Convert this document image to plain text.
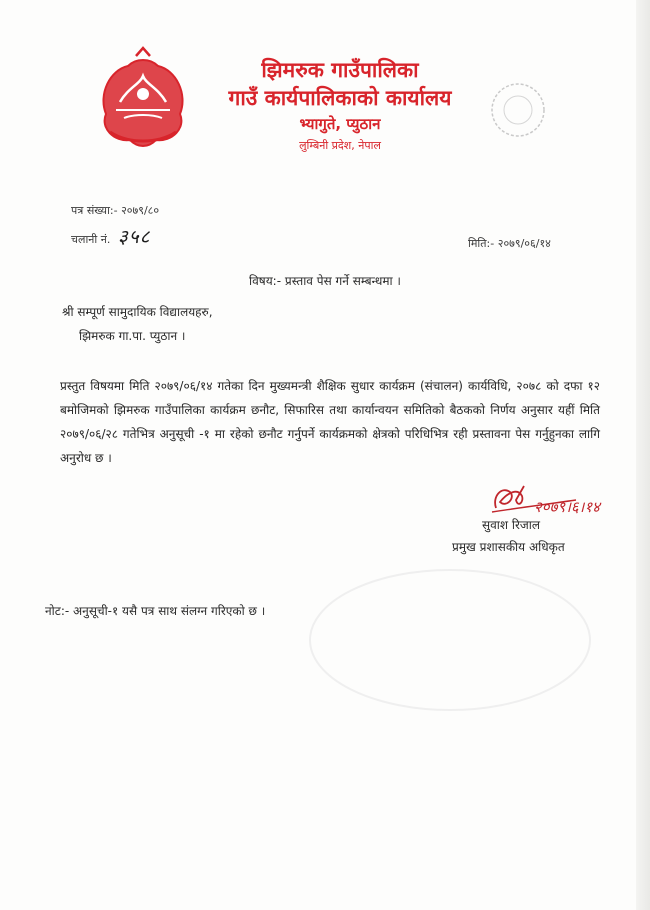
झिमरुक गाउँपालिका
गाउँ कार्यपालिकाको कार्यालय
भ्यागुते, प्युठान
लुम्बिनी प्रदेश, नेपाल
पत्र संख्या:- २०७९/८०
चलानी नं. ३५८	मिति:- २०७९/०६/१४
विषय:- प्रस्ताव पेस गर्ने सम्बन्धमा ।
श्री सम्पूर्ण सामुदायिक विद्यालयहरु,
झिमरुक गा.पा. प्युठान ।
प्रस्तुत विषयमा मिति २०७९/०६/१४ गतेका दिन मुख्यमन्त्री शैक्षिक सुधार कार्यक्रम (संचालन) कार्यविधि, २०७८ को दफा १२ बमोजिमको झिमरुक गाउँपालिका कार्यक्रम छनौट, सिफारिस तथा कार्यान्वयन समितिको बैठकको निर्णय अनुसार यहीं मिति २०७९/०६/२८ गतेभित्र अनुसूची -१ मा रहेको छनौट गर्नुपर्ने कार्यक्रमको क्षेत्रको परिधिभित्र रही प्रस्तावना पेस गर्नुहुनका लागि अनुरोध छ ।
२०७९।६।१४
सुवाश रिजाल
प्रमुख प्रशासकीय अधिकृत
नोट:- अनुसूची-१ यसै पत्र साथ संलग्न गरिएको छ ।
